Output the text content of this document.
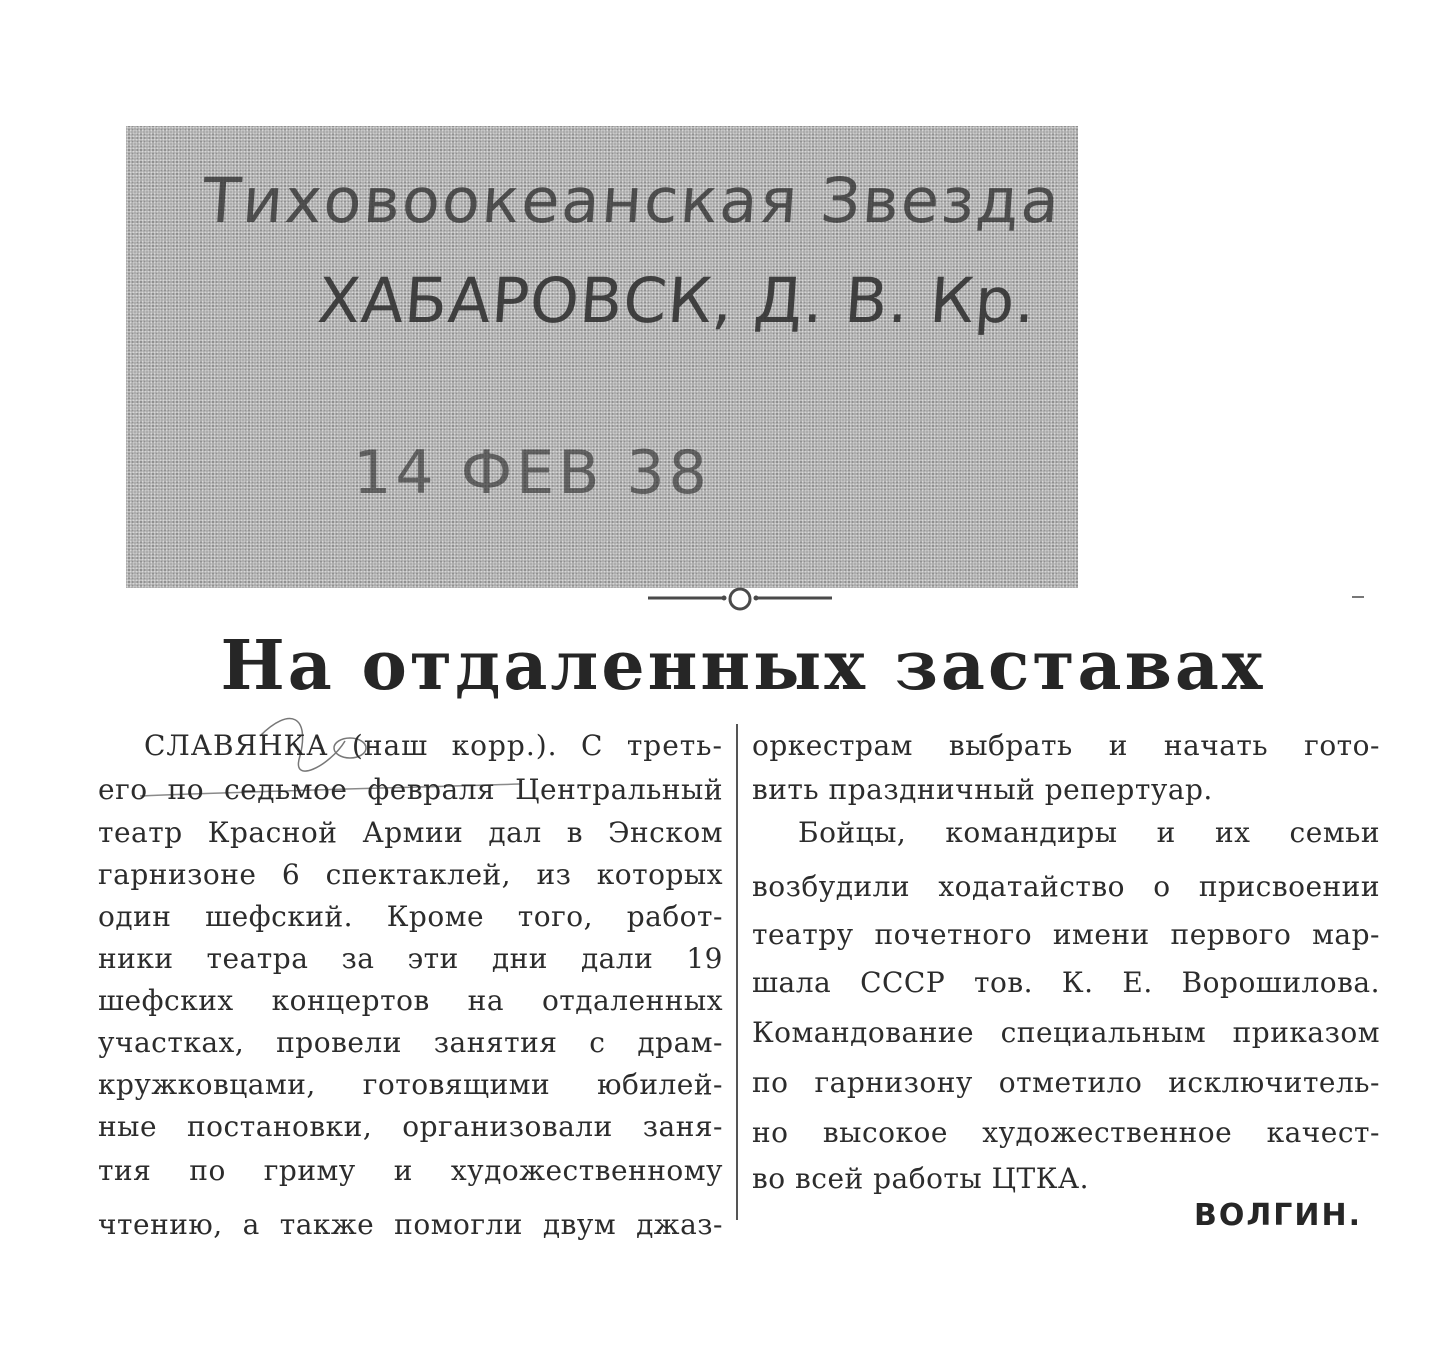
Тиховоокеанская Звезда
ХАБАРОВСК, Д. В. Кр.
14 ФЕВ 38
На отдаленных заставах
СЛАВЯНКА (наш корр.). С треть-
его по седьмое февраля Центральный
театр Красной Армии дал в Энском
гарнизоне 6 спектаклей, из которых
один шефский. Кроме того, работ-
ники театра за эти дни дали 19
шефских концертов на отдаленных
участках, провели занятия с драм-
кружковцами, готовящими юбилей-
ные постановки, организовали заня-
тия по гриму и художественному
чтению, а также помогли двум джаз-
оркестрам выбрать и начать гото-
вить праздничный репертуар.
Бойцы, командиры и их семьи
возбудили ходатайство о присвоении
театру почетного имени первого мар-
шала СССР тов. К. Е. Ворошилова.
Командование специальным приказом
по гарнизону отметило исключитель-
но высокое художественное качест-
во всей работы ЦТКА.
ВОЛГИН.
